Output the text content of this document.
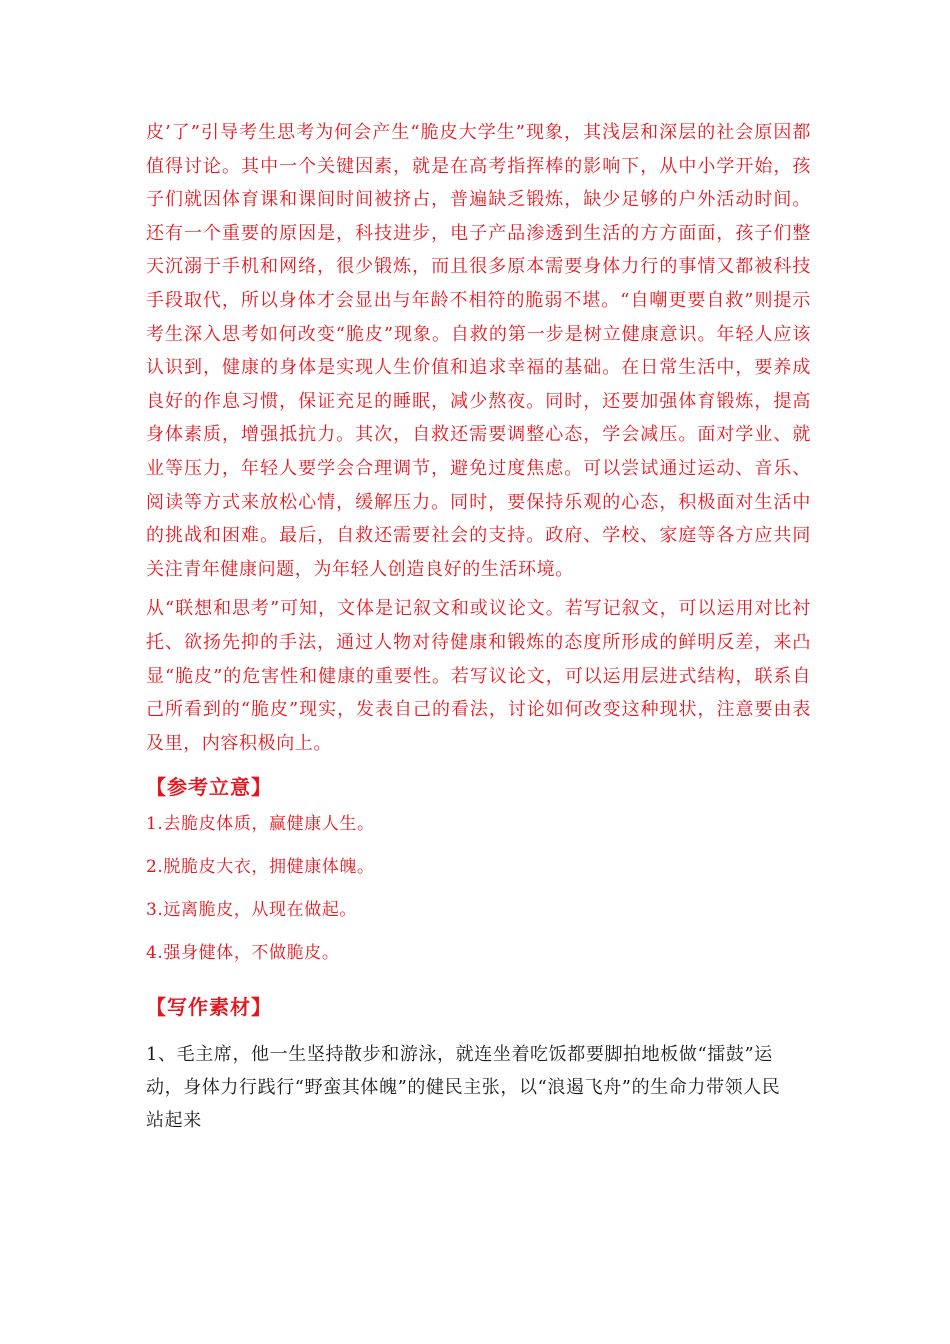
皮’了”引导考生思考为何会产生“脆皮大学生”现象，其浅层和深层的社会原因都值得讨论。其中一个关键因素，就是在高考指挥棒的影响下，从中小学开始，孩子们就因体育课和课间时间被挤占，普遍缺乏锻炼，缺少足够的户外活动时间。还有一个重要的原因是，科技进步，电子产品渗透到生活的方方面面，孩子们整天沉溺于手机和网络，很少锻炼，而且很多原本需要身体力行的事情又都被科技手段取代，所以身体才会显出与年龄不相符的脆弱不堪。“自嘲更要自救”则提示考生深入思考如何改变“脆皮”现象。自救的第一步是树立健康意识。年轻人应该认识到，健康的身体是实现人生价值和追求幸福的基础。在日常生活中，要养成良好的作息习惯，保证充足的睡眠，减少熬夜。同时，还要加强体育锻炼，提高身体素质，增强抵抗力。其次，自救还需要调整心态，学会减压。面对学业、就业等压力，年轻人要学会合理调节，避免过度焦虑。可以尝试通过运动、音乐、阅读等方式来放松心情，缓解压力。同时，要保持乐观的心态，积极面对生活中的挑战和困难。最后，自救还需要社会的支持。政府、学校、家庭等各方应共同关注青年健康问题，为年轻人创造良好的生活环境。

从“联想和思考”可知，文体是记叙文和或议论文。若写记叙文，可以运用对比衬托、欲扬先抑的手法，通过人物对待健康和锻炼的态度所形成的鲜明反差，来凸显“脆皮”的危害性和健康的重要性。若写议论文，可以运用层进式结构，联系自己所看到的“脆皮”现实，发表自己的看法，讨论如何改变这种现状，注意要由表及里，内容积极向上。

【参考立意】

1.去脆皮体质，赢健康人生。

2.脱脆皮大衣，拥健康体魄。

3.远离脆皮，从现在做起。

4.强身健体，不做脆皮。

【写作素材】

1、毛主席，他一生坚持散步和游泳，就连坐着吃饭都要脚拍地板做“擂鼓”运动，身体力行践行“野蛮其体魄”的健民主张，以“浪遏飞舟”的生命力带领人民站起来
